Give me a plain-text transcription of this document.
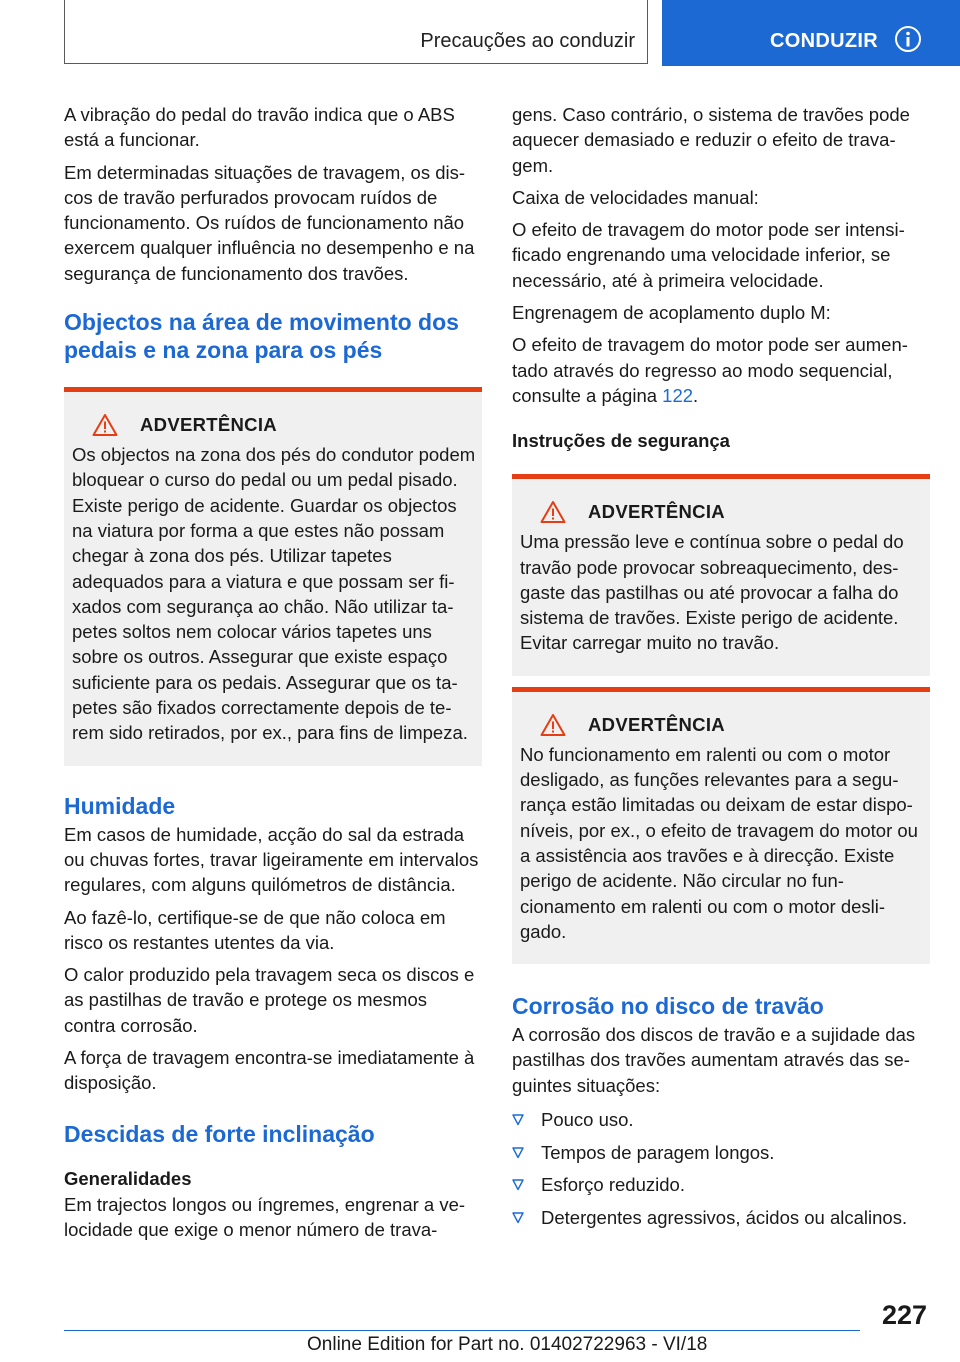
Precauções ao conduzir	CONDUZIR

A vibração do pedal do travão indica que o ABS está a funcionar.

Em determinadas situações de travagem, os discos de travão perfurados provocam ruídos de funcionamento. Os ruídos de funcionamento não exercem qualquer influência no desempenho e na segurança de funcionamento dos travões.

Objectos na área de movimento dos pedais e na zona para os pés
ADVERTÊNCIA

Os objectos na zona dos pés do condutor podem bloquear o curso do pedal ou um pedal pisado. Existe perigo de acidente. Guardar os objectos na viatura por forma a que estes não possam chegar à zona dos pés. Utilizar tapetes adequados para a viatura e que possam ser fixados com segurança ao chão. Não utilizar tapetes soltos nem colocar vários tapetes uns sobre os outros. Assegurar que existe espaço suficiente para os pedais. Assegurar que os tapetes são fixados correctamente depois de terem sido retirados, por ex., para fins de limpeza.

Humidade

Em casos de humidade, acção do sal da estrada ou chuvas fortes, travar ligeiramente em intervalos regulares, com alguns quilómetros de distância.

Ao fazê-lo, certifique-se de que não coloca em risco os restantes utentes da via.

O calor produzido pela travagem seca os discos e as pastilhas de travão e protege os mesmos contra corrosão.

A força de travagem encontra-se imediatamente à disposição.

Descidas de forte inclinação
Generalidades

Em trajectos longos ou íngremes, engrenar a velocidade que exige o menor número de trava-

gens. Caso contrário, o sistema de travões pode aquecer demasiado e reduzir o efeito de travagem.

Caixa de velocidades manual:

O efeito de travagem do motor pode ser intensificado engrenando uma velocidade inferior, se necessário, até à primeira velocidade.

Engrenagem de acoplamento duplo M:

O efeito de travagem do motor pode ser aumentado através do regresso ao modo sequencial, consulte a página 122.

Instruções de segurança
ADVERTÊNCIA

Uma pressão leve e contínua sobre o pedal do travão pode provocar sobreaquecimento, desgaste das pastilhas ou até provocar a falha do sistema de travões. Existe perigo de acidente. Evitar carregar muito no travão.

ADVERTÊNCIA

No funcionamento em ralenti ou com o motor desligado, as funções relevantes para a segurança estão limitadas ou deixam de estar disponíveis, por ex., o efeito de travagem do motor ou a assistência aos travões e à direcção. Existe perigo de acidente. Não circular no funcionamento em ralenti ou com o motor desligado.

Corrosão no disco de travão

A corrosão dos discos de travão e a sujidade das pastilhas dos travões aumentam através das seguintes situações:

Pouco uso.
Tempos de paragem longos.
Esforço reduzido.
Detergentes agressivos, ácidos ou alcalinos.
227
Online Edition for Part no. 01402722963 - VI/18
